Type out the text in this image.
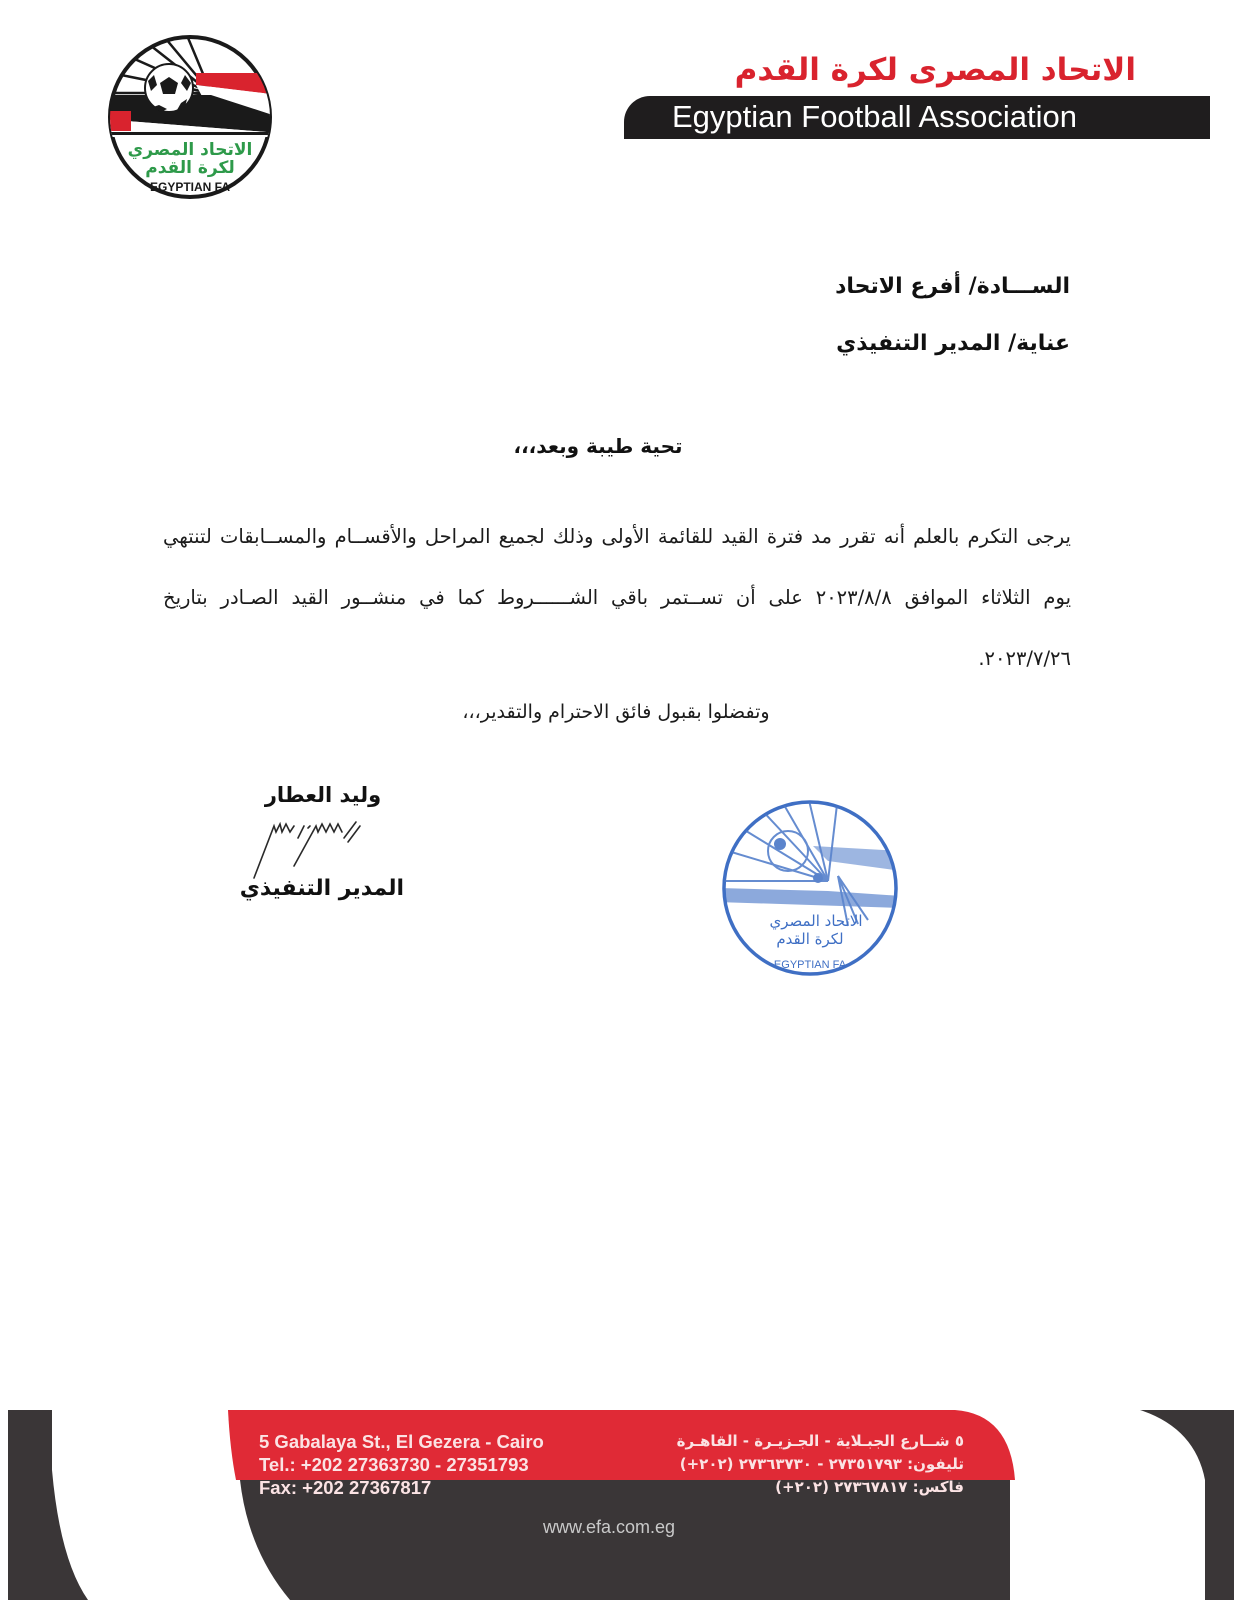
الاتحاد المصري
لكرة القدم
EGYPTIAN FA
الاتحاد المصرى لكرة القدم
Egyptian Football Association
الســـادة/ أفرع الاتحاد
عناية/ المدير التنفيذي
تحية طيبة وبعد،،،
يرجى التكرم بالعلم أنه تقرر مد فترة القيد للقائمة الأولى وذلك لجميع المراحل والأقســام والمســابقات لتنتهي يوم الثلاثاء الموافق ٢٠٢٣/٨/٨ على أن تســتمر باقي الشــــــروط كما في منشــور القيد الصـادر بتاريخ ٢٠٢٣/٧/٢٦.
وتفضلوا بقبول فائق الاحترام والتقدير،،،
وليد العطار
المدير التنفيذي
الاتحاد المصري
لكرة القدم
EGYPTIAN FA
5 Gabalaya St., El Gezera - Cairo
Tel.: +202 27363730 - 27351793
Fax: +202 27367817
٥ شــارع الجبـلاية - الجـزيـرة - القاهـرة
تليفون: ٢٧٣٥١٧٩٣ - ٢٧٣٦٣٧٣٠ (٢٠٢+)
فاكس: ٢٧٣٦٧٨١٧ (٢٠٢+)
www.efa.com.eg
